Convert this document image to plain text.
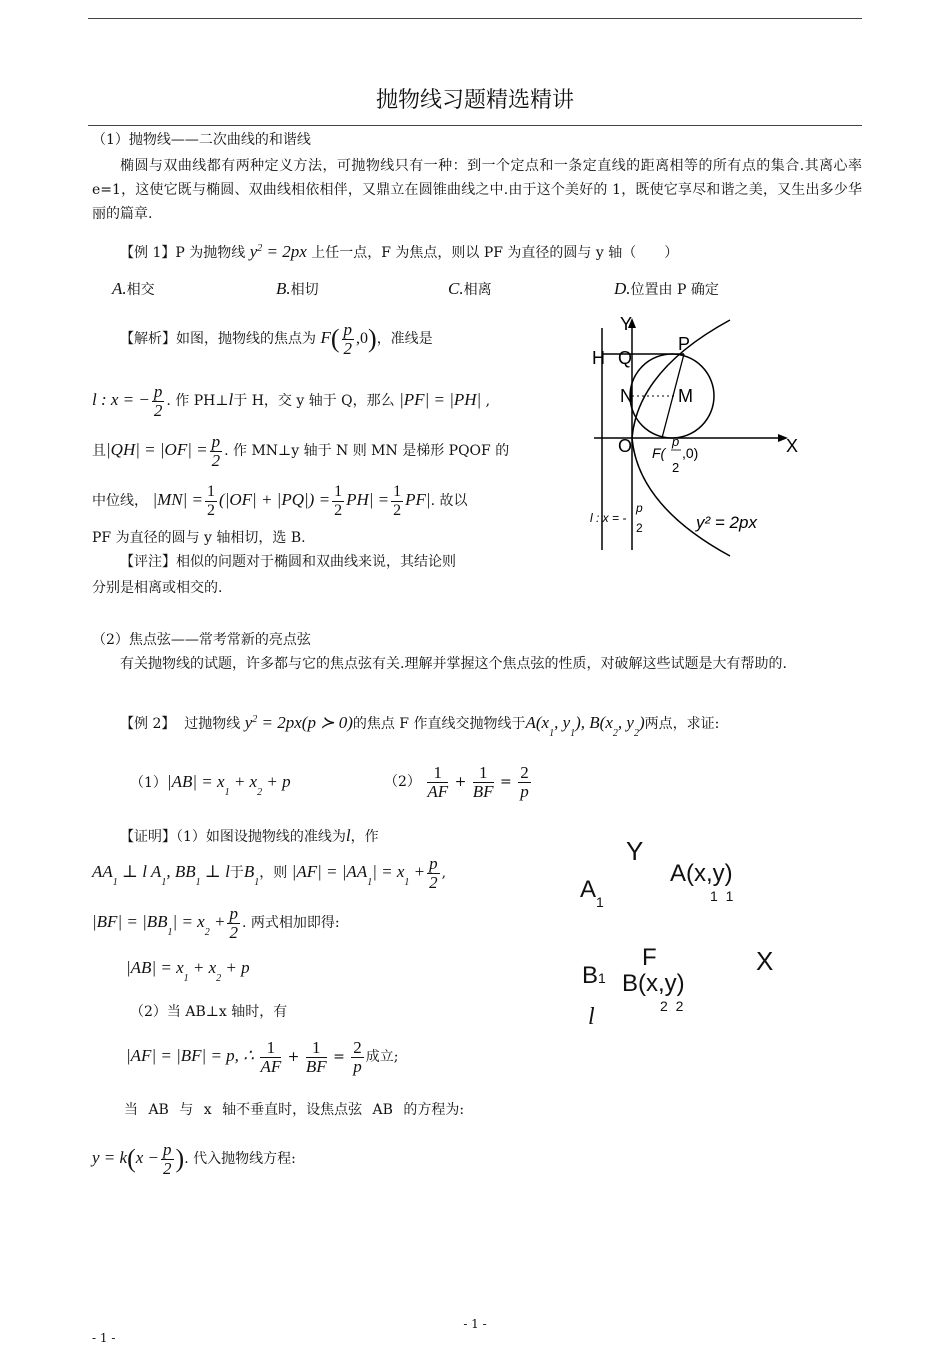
抛物线习题精选精讲
（1）抛物线——二次曲线的和谐线
椭圆与双曲线都有两种定义方法，可抛物线只有一种：到一个定点和一条定直线的距离相等的所有点的集合.其离心率 e=1，这使它既与椭圆、双曲线相依相伴，又鼎立在圆锥曲线之中.由于这个美好的 1，既使它享尽和谐之美，又生出多少华丽的篇章.
【例 1】P 为抛物线 $y^2 = 2px$ 上任一点，F 为焦点，则以 PF 为直径的圆与 y 轴（　　）
A.相交	B.相切	C.相离	D.位置由 P 确定
【解析】如图，抛物线的焦点为 $F( \frac{p}{2} ,0)$，准线是
l : x = − $\frac{p}{2}$ . 作 PH⊥l于 H，交 y 轴于 Q，那么 |PF| = |PH| ,
且$|QH| = |OF| = \frac{p}{2}$ . 作 MN⊥y 轴于 N 则 MN 是梯形 PQOF 的
中位线， $|MN| = \frac{1}{2} (|OF| + |PQ|) = \frac{1}{2} PH| = \frac{1}{2} PF|$. 故以
PF 为直径的圆与 y 轴相切，选 B.
【评注】相似的问题对于椭圆和双曲线来说，其结论则
分别是相离或相交的.
Y
X
H Q
P
N	M
O F(
p
2
,0)
l : x = -
p
2	y² = 2px
（2）焦点弦——常考常新的亮点弦
有关抛物线的试题，许多都与它的焦点弦有关.理解并掌握这个焦点弦的性质，对破解这些试题是大有帮助的.
【例 2】 过抛物线 $y^2 = 2px(p$ ≻ 0)的焦点 F 作直线交抛物线于$A(x_1$, $y_1$), $B(x_2$, $y_2$)两点，求证:
$(1)|AB| = x_1 + x_2 + p$	$(2) \frac{1}{AF} + \frac{1}{BF} = \frac{2}{p}$
【证明】（1）如图设抛物线的准线为l，作
$AA_1$ ⊥ l $A_1$, $BB_1$ ⊥ l于$B_1$，则 $|AF| = |AA_1| = x_1 + \frac{p}{2}$ ,
$|BF| = |BB_1| = x_2 + \frac{p}{2}$ . 两式相加即得:
$|AB| = x_1 + x_2 + p$
（2）当 AB⊥x 轴时，有
|AF| = |BF| = p, ∴ $\frac{1}{AF} + \frac{1}{BF} = \frac{2}{p}$ 成立;
当 AB 与 x 轴不垂直时，设焦点弦 AB 的方程为:
$y = k(x - \frac{p}{2}$ ). 代入抛物线方程:
Y
$A_1$
A(x,y)
1  1
F	X
B1 B(x,y)
2  2
l
- 1 -
- 1 -
